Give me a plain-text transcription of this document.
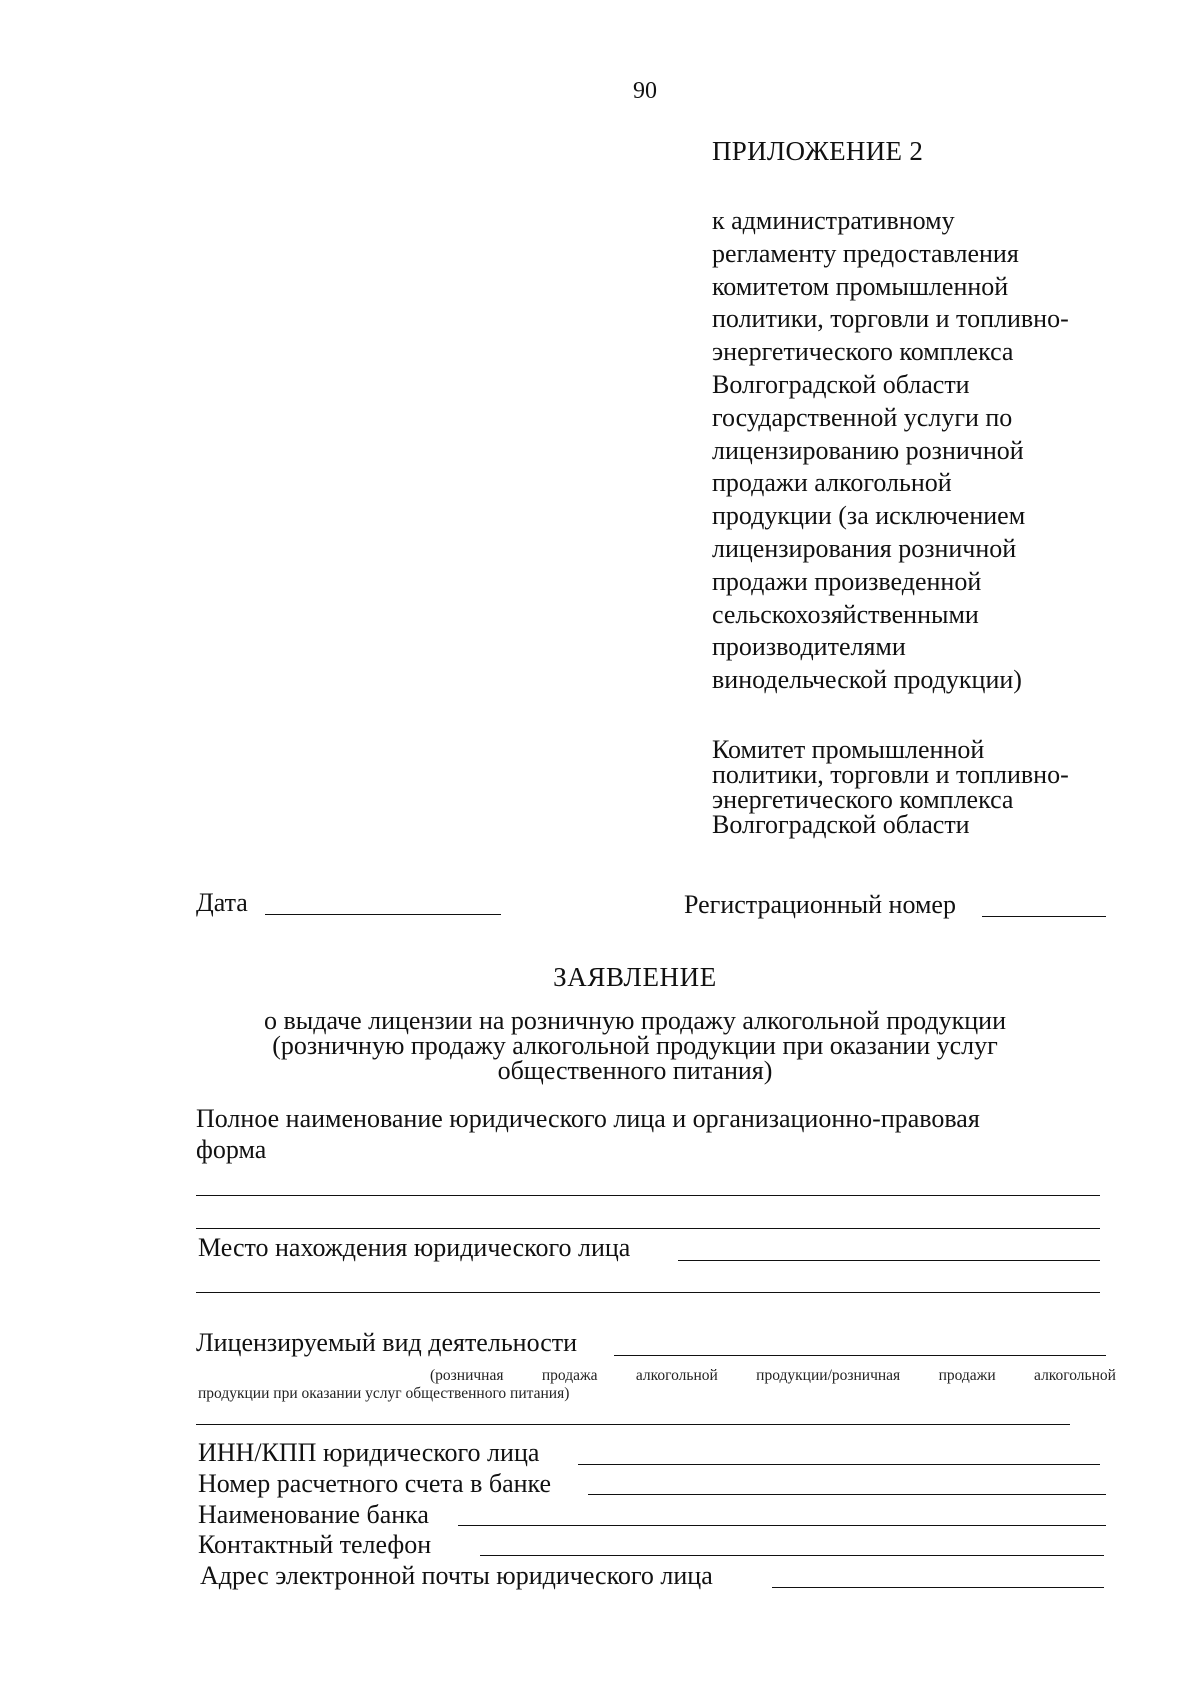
90
ПРИЛОЖЕНИЕ 2
к административному
регламенту предоставления
комитетом промышленной
политики, торговли и топливно-
энергетического комплекса
Волгоградской области
государственной услуги по
лицензированию розничной
продажи алкогольной
продукции (за исключением
лицензирования розничной
продажи произведенной
сельскохозяйственными
производителями
винодельческой продукции)
Комитет промышленной
политики, торговли и топливно-
энергетического комплекса
Волгоградской области
Дата	Регистрационный номер
ЗАЯВЛЕНИЕ
о выдаче лицензии на розничную продажу алкогольной продукции
(розничную продажу алкогольной продукции при оказании услуг
общественного питания)
Полное наименование юридического лица и организационно-правовая
форма
Место нахождения юридического лица
Лицензируемый вид деятельности
(розничная продажа алкогольной продукции/розничная продажи алкогольной
продукции при оказании услуг общественного питания)
ИНН/КПП юридического лица
Номер расчетного счета в банке
Наименование банка
Контактный телефон
Адрес электронной почты юридического лица
